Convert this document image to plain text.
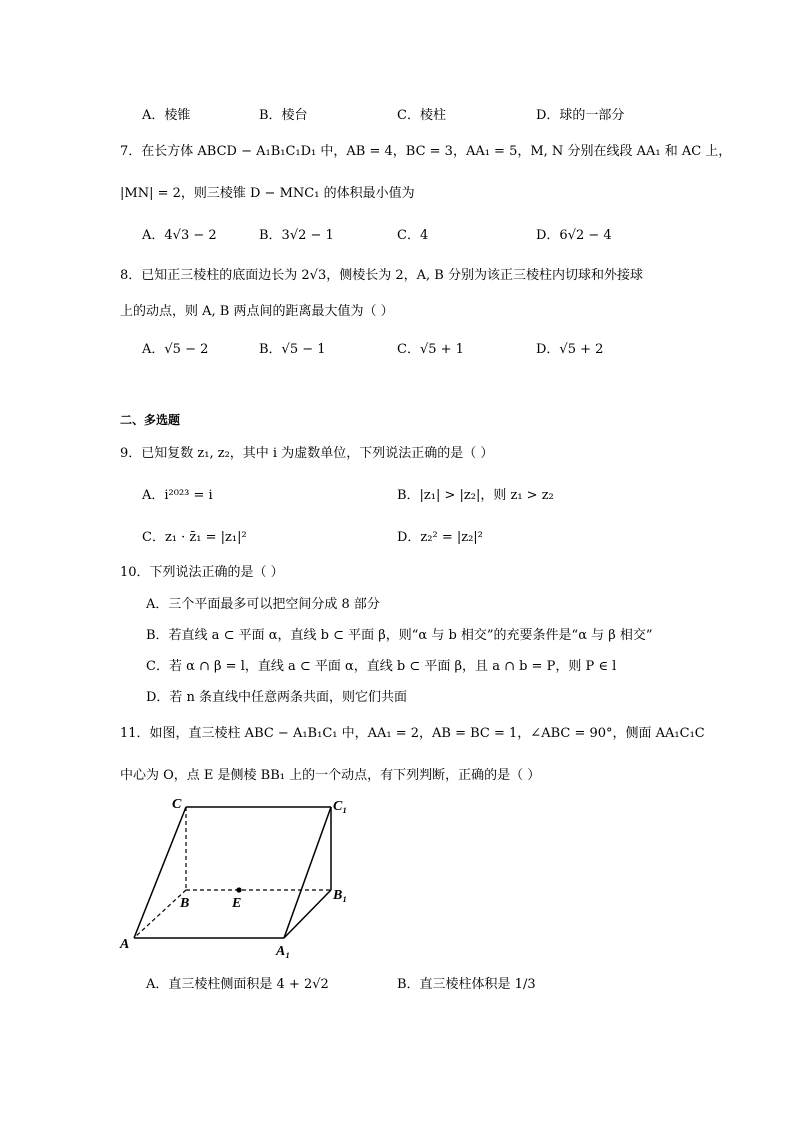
A．棱锥	B．棱台	C．棱柱	D．球的一部分
7．在长方体 ABCD − A₁B₁C₁D₁ 中，AB = 4，BC = 3，AA₁ = 5，M, N 分别在线段 AA₁ 和 AC 上，
|MN| = 2，则三棱锥 D − MNC₁ 的体积最小值为
A．4√3 − 2	B．3√2 − 1	C．4	D．6√2 − 4
8．已知正三棱柱的底面边长为 2√3，侧棱长为 2，A, B 分别为该正三棱柱内切球和外接球
上的动点，则 A, B 两点间的距离最大值为（ ）
A．√5 − 2	B．√5 − 1	C．√5 + 1	D．√5 + 2
二、多选题
9．已知复数 z₁, z₂，其中 i 为虚数单位，下列说法正确的是（ ）
A．i²⁰²³ = i	B．|z₁| > |z₂|，则 z₁ > z₂
C．z₁ · z̄₁ = |z₁|²	D．z₂² = |z₂|²
10．下列说法正确的是（ ）
A．三个平面最多可以把空间分成 8 部分
B．若直线 a ⊂ 平面 α，直线 b ⊂ 平面 β，则“α 与 b 相交”的充要条件是“α 与 β 相交”
C．若 α ∩ β = l，直线 a ⊂ 平面 α，直线 b ⊂ 平面 β，且 a ∩ b = P，则 P ∈ l
D．若 n 条直线中任意两条共面，则它们共面
11．如图，直三棱柱 ABC − A₁B₁C₁ 中，AA₁ = 2，AB = BC = 1，∠ABC = 90°，侧面 AA₁C₁C
中心为 O，点 E 是侧棱 BB₁ 上的一个动点，有下列判断，正确的是（ ）
C	C₁
B	E
B₁
A	A₁
A．直三棱柱侧面积是 4 + 2√2	B．直三棱柱体积是 1/3
